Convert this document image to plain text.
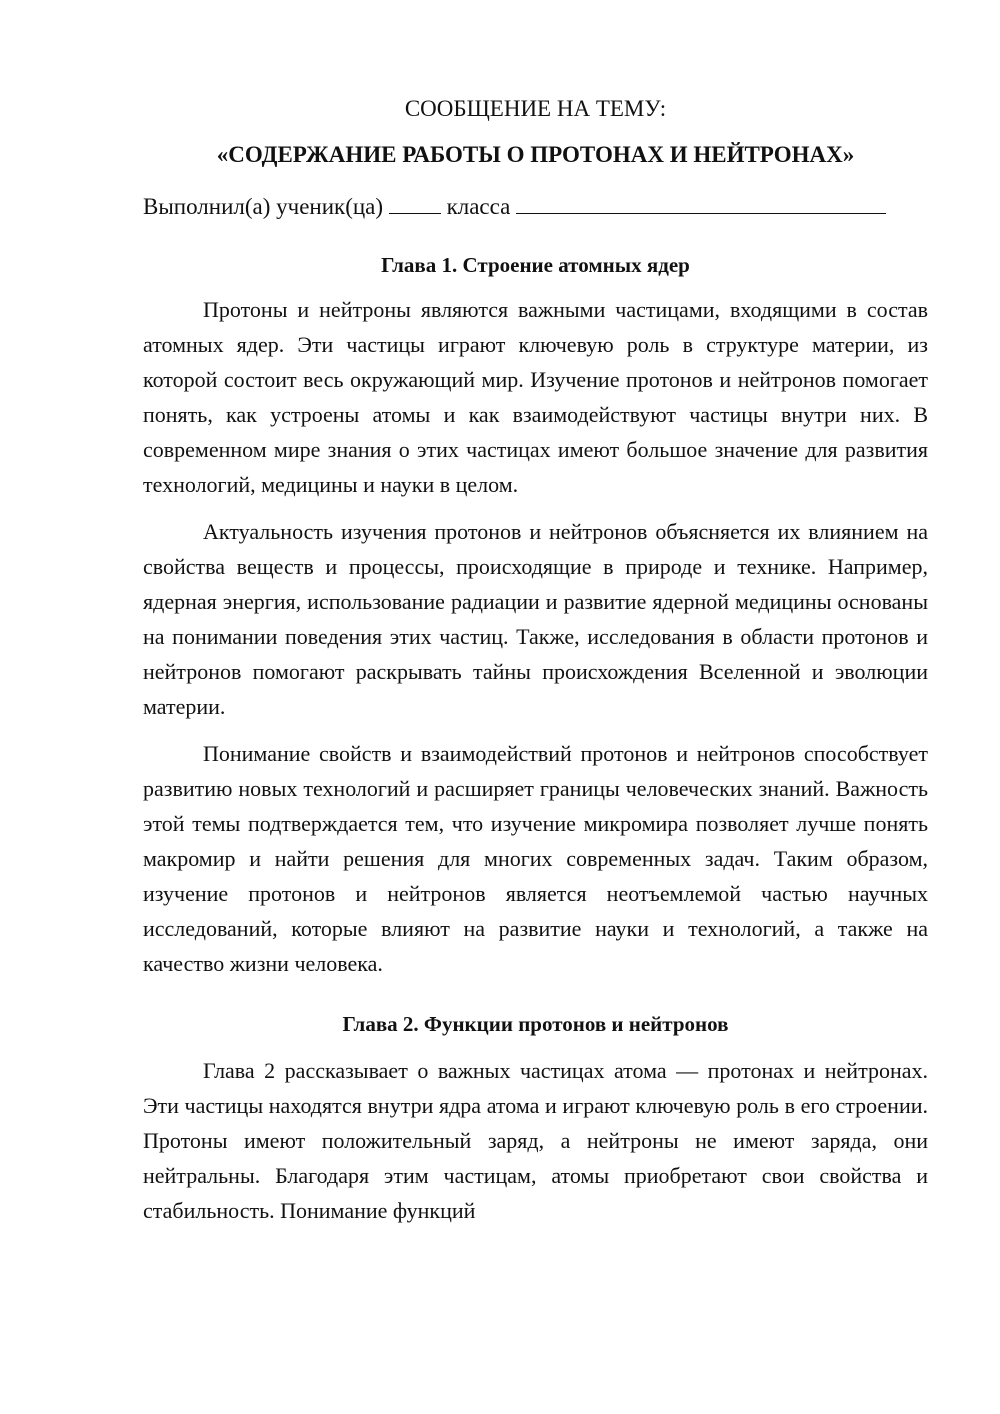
СООБЩЕНИЕ НА ТЕМУ:
«СОДЕРЖАНИЕ РАБОТЫ О ПРОТОНАХ И НЕЙТРОНАХ»
Выполнил(а) ученик(ца)	класса
Глава 1. Строение атомных ядер

Протоны и нейтроны являются важными частицами, входящими в состав атомных ядер. Эти частицы играют ключевую роль в структуре материи, из которой состоит весь окружающий мир. Изучение протонов и нейтронов помогает понять, как устроены атомы и как взаимодействуют частицы внутри них. В современном мире знания о этих частицах имеют большое значение для развития технологий, медицины и науки в целом.

Актуальность изучения протонов и нейтронов объясняется их влиянием на свойства веществ и процессы, происходящие в природе и технике. Например, ядерная энергия, использование радиации и развитие ядерной медицины основаны на понимании поведения этих частиц. Также, исследования в области протонов и нейтронов помогают раскрывать тайны происхождения Вселенной и эволюции материи.

Понимание свойств и взаимодействий протонов и нейтронов способствует развитию новых технологий и расширяет границы человеческих знаний. Важность этой темы подтверждается тем, что изучение микромира позволяет лучше понять макромир и найти решения для многих современных задач. Таким образом, изучение протонов и нейтронов является неотъемлемой частью научных исследований, которые влияют на развитие науки и технологий, а также на качество жизни человека.

Глава 2. Функции протонов и нейтронов

Глава 2 рассказывает о важных частицах атома — протонах и нейтронах. Эти частицы находятся внутри ядра атома и играют ключевую роль в его строении. Протоны имеют положительный заряд, а нейтроны не имеют заряда, они нейтральны. Благодаря этим частицам, атомы приобретают свои свойства и стабильность. Понимание функций
